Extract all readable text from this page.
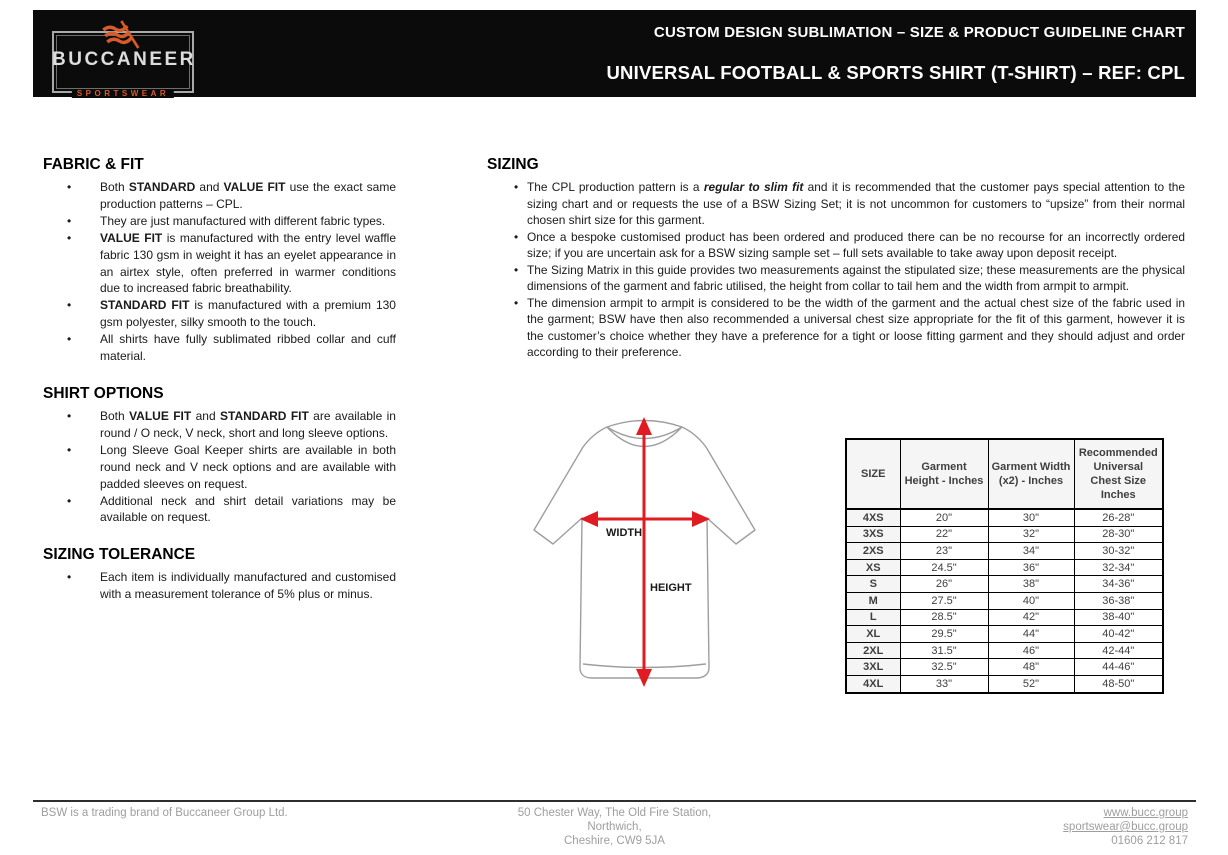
BUCCANEER
SPORTSWEAR
CUSTOM DESIGN SUBLIMATION – SIZE & PRODUCT GUIDELINE CHART
UNIVERSAL FOOTBALL & SPORTS SHIRT (T-SHIRT) – REF: CPL
FABRIC & FIT
• Both STANDARD and VALUE FIT use the exact same production patterns – CPL.
• They are just manufactured with different fabric types.
• VALUE FIT is manufactured with the entry level waffle fabric 130 gsm in weight it has an eyelet appearance in an airtex style, often preferred in warmer conditions due to increased fabric breathability.
• STANDARD FIT is manufactured with a premium 130 gsm polyester, silky smooth to the touch.
• All shirts have fully sublimated ribbed collar and cuff material.
SHIRT OPTIONS
• Both VALUE FIT and STANDARD FIT are available in round / O neck, V neck, short and long sleeve options.
• Long Sleeve Goal Keeper shirts are available in both round neck and V neck options and are available with padded sleeves on request.
• Additional neck and shirt detail variations may be available on request.
SIZING TOLERANCE
• Each item is individually manufactured and customised with a measurement tolerance of 5% plus or minus.
SIZING
• The CPL production pattern is a regular to slim fit and it is recommended that the customer pays special attention to the sizing chart and or requests the use of a BSW Sizing Set; it is not uncommon for customers to “upsize” from their normal chosen shirt size for this garment.
• Once a bespoke customised product has been ordered and produced there can be no recourse for an incorrectly ordered size; if you are uncertain ask for a BSW sizing sample set – full sets available to take away upon deposit receipt.
• The Sizing Matrix in this guide provides two measurements against the stipulated size; these measurements are the physical dimensions of the garment and fabric utilised, the height from collar to tail hem and the width from armpit to armpit.
• The dimension armpit to armpit is considered to be the width of the garment and the actual chest size of the fabric used in the garment; BSW have then also recommended a universal chest size appropriate for the fit of this garment, however it is the customer’s choice whether they have a preference for a tight or loose fitting garment and they should adjust and order according to their preference.
WIDTH
HEIGHT
SIZE	Garment Height - Inches	Garment Width (x2) - Inches	Recommended Universal Chest Size Inches
4XS	20"	30"	26-28"
3XS	22"	32"	28-30"
2XS	23"	34"	30-32"
XS	24.5"	36"	32-34"
S	26"	38"	34-36"
M	27.5"	40"	36-38"
L	28.5"	42"	38-40"
XL	29.5"	44"	40-42"
2XL	31.5"	46"	42-44"
3XL	32.5"	48"	44-46"
4XL	33"	52"	48-50"
BSW is a trading brand of Buccaneer Group Ltd.	50 Chester Way, The Old Fire Station,
Northwich,
Cheshire, CW9 5JA
www.bucc.group
sportswear@bucc.group
01606 212 817
